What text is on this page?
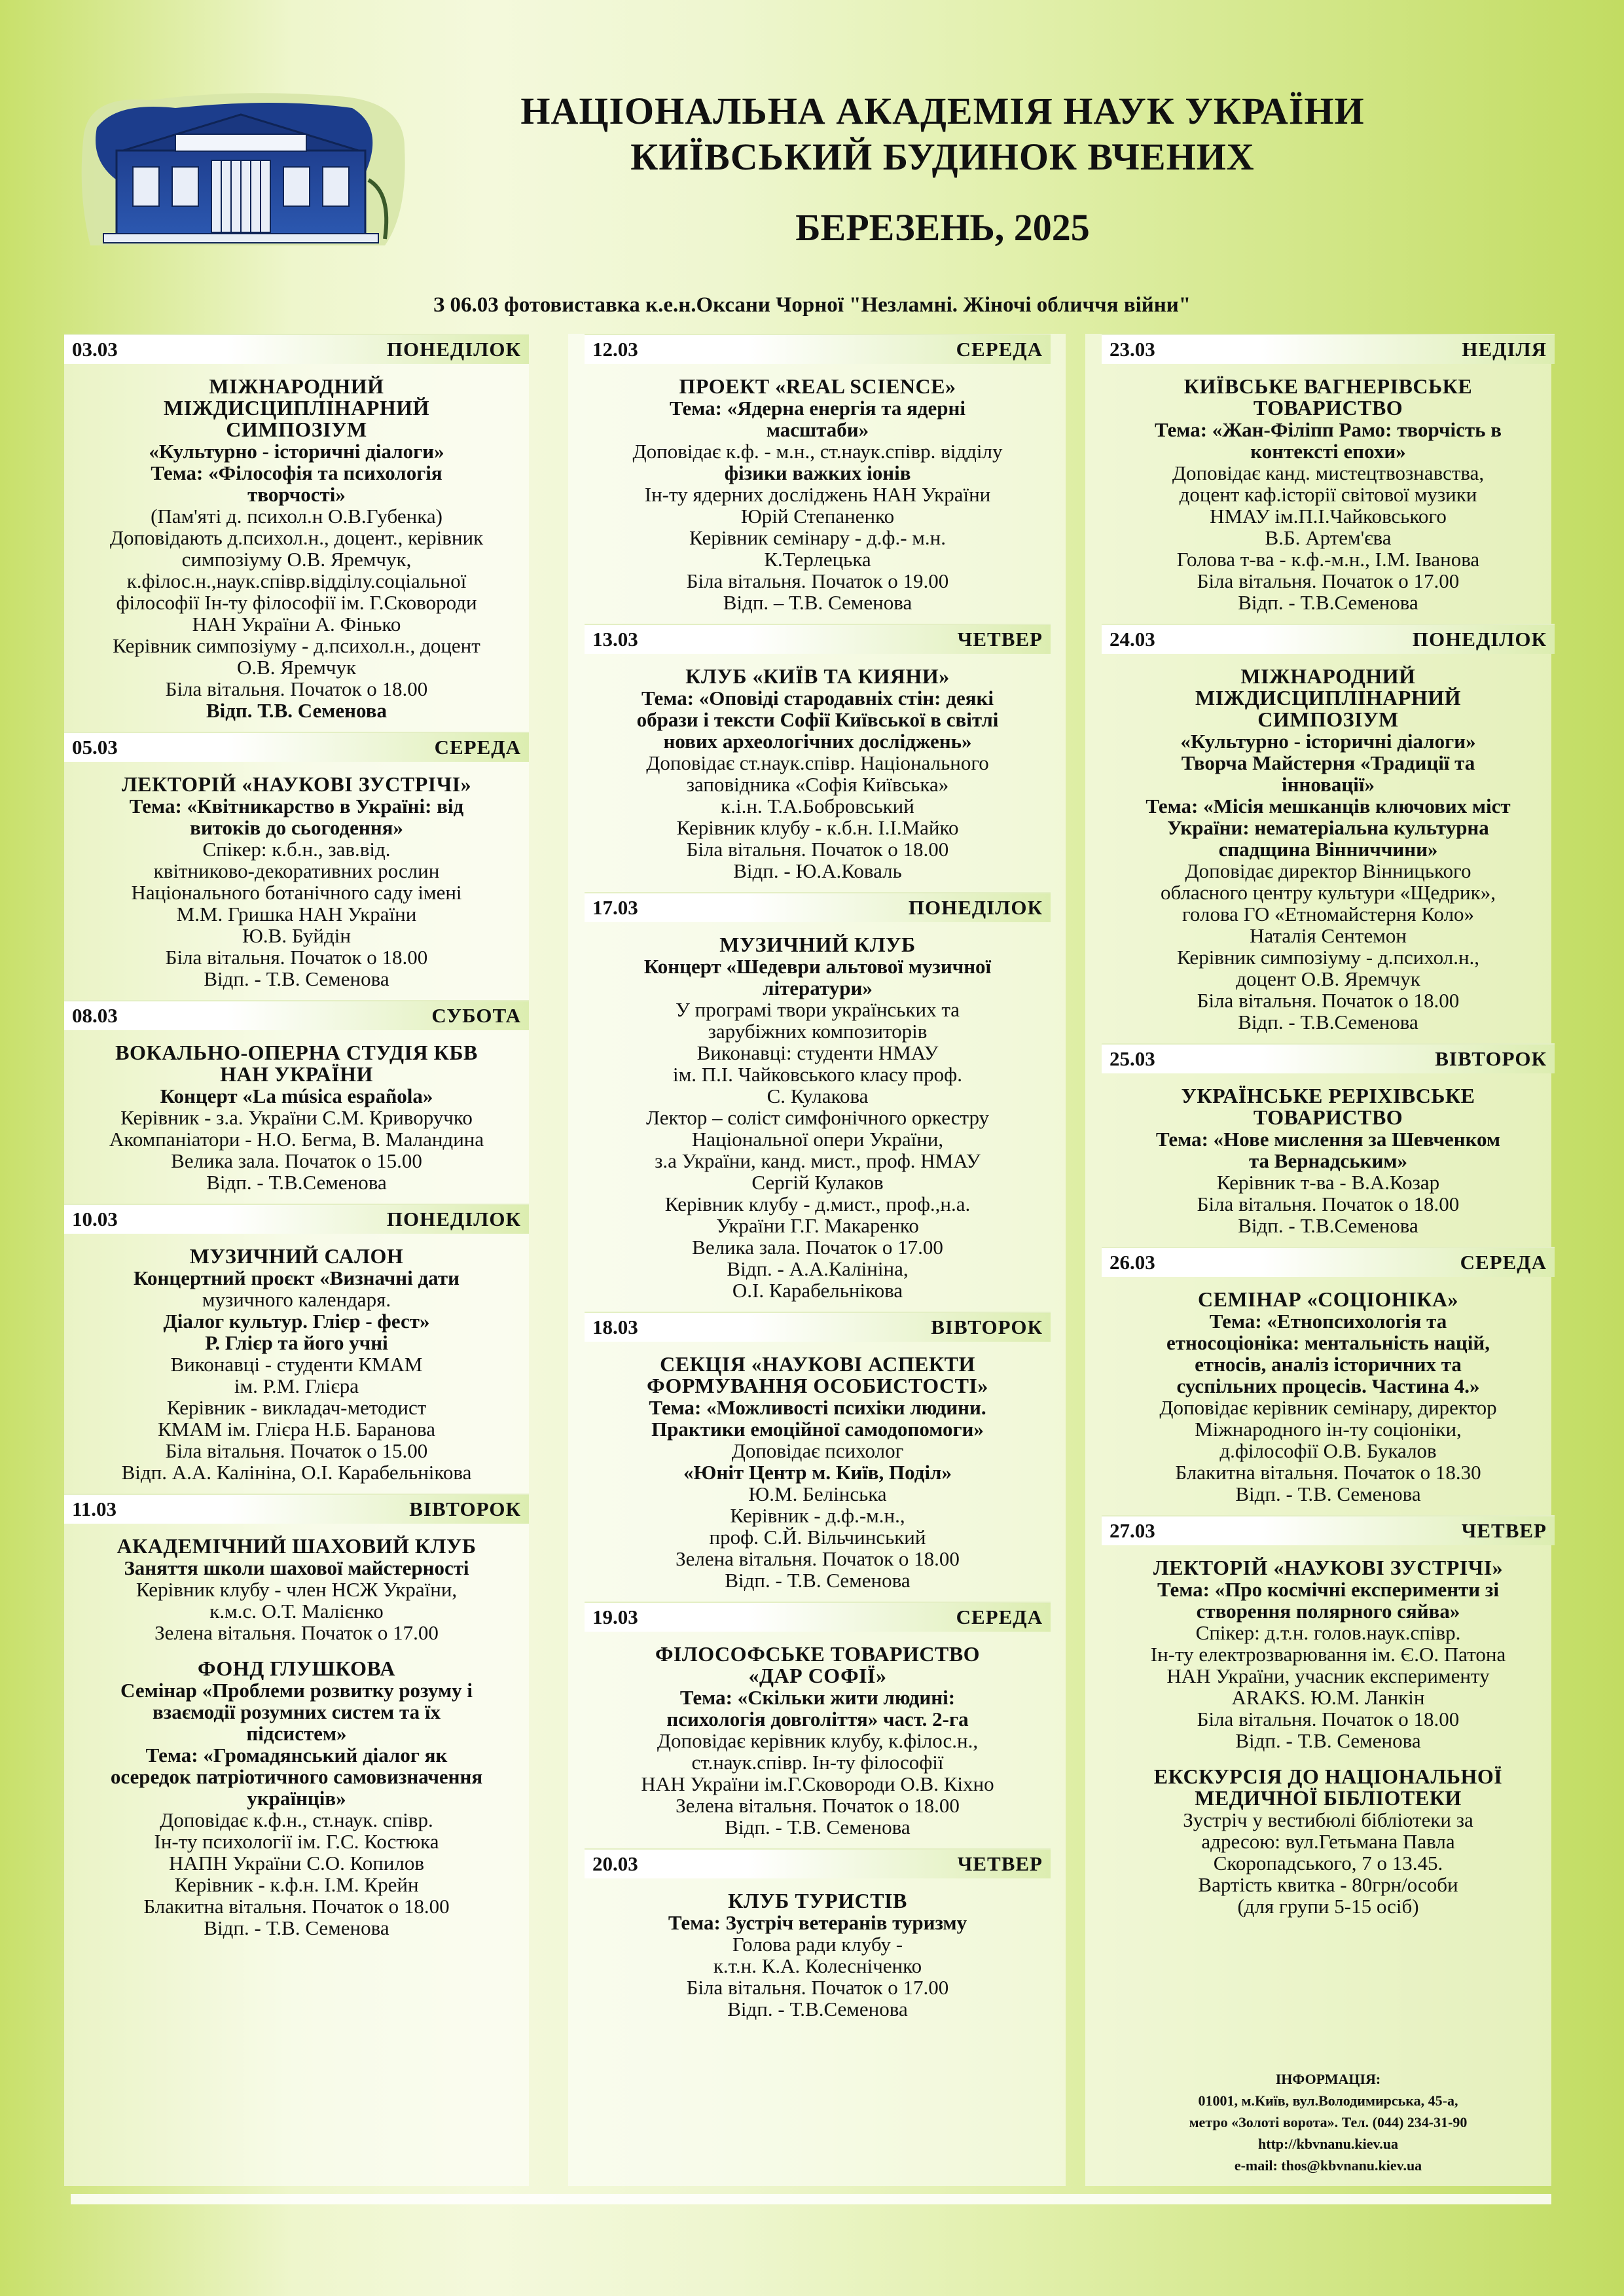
НАЦІОНАЛЬНА АКАДЕМІЯ НАУК УКРАЇНИ
КИЇВСЬКИЙ БУДИНОК ВЧЕНИХ
БЕРЕЗЕНЬ, 2025
З 06.03 фотовиставка к.е.н.Оксани Чорної "Незламні. Жіночі обличчя війни"
03.03	ПОНЕДІЛОК
МІЖНАРОДНИЙ
МІЖДИСЦИПЛІНАРНИЙ
СИМПОЗІУМ
«Культурно - історичні діалоги»
Тема: «Філософія та психологія
творчості»
(Пам'яті д. психол.н О.В.Губенка)
Доповідають д.психол.н., доцент., керівник
симпозіуму О.В. Яремчук,
к.філос.н.,наук.співр.відділу.соціальної
філософії Ін-ту філософії ім. Г.Сковороди
НАН України А. Фінько
Керівник симпозіуму - д.психол.н., доцент
О.В. Яремчук
Біла вітальня. Початок о 18.00
Відп. Т.В. Семенова
05.03	СЕРЕДА
ЛЕКТОРІЙ «НАУКОВІ ЗУСТРІЧІ»
Тема: «Квітникарство в Україні: від
витоків до сьогодення»
Спікер: к.б.н., зав.від.
квітниково-декоративних рослин
Національного ботанічного саду імені
М.М. Гришка НАН України
Ю.В. Буйдін
Біла вітальня. Початок о 18.00
Відп. - Т.В. Семенова
08.03	СУБОТА
ВОКАЛЬНО-ОПЕРНА СТУДІЯ КБВ
НАН УКРАЇНИ
Концерт «La música española»
Керівник - з.а. України С.М. Криворучко
Акомпаніатори - Н.О. Бегма, В. Маландина
Велика зала. Початок о 15.00
Відп. - Т.В.Семенова
10.03	ПОНЕДІЛОК
МУЗИЧНИЙ САЛОН
Концертний проєкт «Визначні дати
музичного календаря.
Діалог культур. Глієр - фест»
Р. Глієр та його учні
Виконавці - студенти КМАМ
ім. Р.М. Глієра
Керівник - викладач-методист
КМАМ ім. Глієра Н.Б. Баранова
Біла вітальня. Початок о 15.00
Відп. А.А. Калініна, О.І. Карабельнікова
11.03	ВІВТОРОК
АКАДЕМІЧНИЙ ШАХОВИЙ КЛУБ
Заняття школи шахової майстерності
Керівник клубу - член НСЖ України,
к.м.с. О.Т. Малієнко
Зелена вітальня. Початок о 17.00
ФОНД ГЛУШКОВА
Семінар «Проблеми розвитку розуму і
взаємодії розумних систем та їх
підсистем»
Тема: «Громадянський діалог як
осередок патріотичного самовизначення
українців»
Доповідає к.ф.н., ст.наук. співр.
Ін-ту психології ім. Г.С. Костюка
НАПН України С.О. Копилов
Керівник - к.ф.н. І.М. Крейн
Блакитна вітальня. Початок о 18.00
Відп. - Т.В. Семенова
12.03	СЕРЕДА
ПРОЕКТ «REAL SCIENCE»
Тема: «Ядерна енергія та ядерні
масштаби»
Доповідає к.ф. - м.н., ст.наук.співр. відділу
фізики важких іонів
Ін-ту ядерних досліджень НАН України
Юрій Степаненко
Керівник семінару - д.ф.- м.н.
К.Терлецька
Біла вітальня. Початок о 19.00
Відп. – Т.В. Семенова
13.03	ЧЕТВЕР
КЛУБ «КИЇВ ТА КИЯНИ»
Тема: «Оповіді стародавніх стін: деякі
образи і тексти Софії Київської в світлі
нових археологічних досліджень»
Доповідає ст.наук.співр. Національного
заповідника «Софія Київська»
к.і.н. Т.А.Бобровський
Керівник клубу - к.б.н. І.І.Майко
Біла вітальня. Початок о 18.00
Відп. - Ю.А.Коваль
17.03	ПОНЕДІЛОК
МУЗИЧНИЙ КЛУБ
Концерт «Шедеври альтової музичної
літератури»
У програмі твори українських та
зарубіжних композиторів
Виконавці: студенти НМАУ
ім. П.І. Чайковського класу проф.
С. Кулакова
Лектор – соліст симфонічного оркестру
Національної опери України,
з.а України, канд. мист., проф. НМАУ
Сергій Кулаков
Керівник клубу - д.мист., проф.,н.а.
України Г.Г. Макаренко
Велика зала. Початок о 17.00
Відп. - А.А.Калініна,
О.І. Карабельнікова
18.03	ВІВТОРОК
СЕКЦІЯ «НАУКОВІ АСПЕКТИ
ФОРМУВАННЯ ОСОБИСТОСТІ»
Тема: «Можливості психіки людини.
Практики емоційної самодопомоги»
Доповідає психолог
«Юніт Центр м. Київ, Поділ»
Ю.М. Белінська
Керівник - д.ф.-м.н.,
проф. С.Й. Вільчинський
Зелена вітальня. Початок о 18.00
Відп. - Т.В. Семенова
19.03	СЕРЕДА
ФІЛОСОФСЬКЕ ТОВАРИСТВО
«ДАР СОФІЇ»
Тема: «Скільки жити людині:
психологія довголіття» част. 2-га
Доповідає керівник клубу, к.філос.н.,
ст.наук.співр. Ін-ту філософії
НАН України ім.Г.Сковороди О.В. Кіхно
Зелена вітальня. Початок о 18.00
Відп. - Т.В. Семенова
20.03	ЧЕТВЕР
КЛУБ ТУРИСТІВ
Тема: Зустріч ветеранів туризму
Голова ради клубу -
к.т.н. К.А. Колесніченко
Біла вітальня. Початок о 17.00
Відп. - Т.В.Семенова
23.03	НЕДІЛЯ
КИЇВСЬКЕ ВАГНЕРІВСЬКЕ
ТОВАРИСТВО
Тема: «Жан-Філіпп Рамо: творчість в
контексті епохи»
Доповідає канд. мистецтвознавства,
доцент каф.історії світової музики
НМАУ ім.П.І.Чайковського
В.Б. Артем'єва
Голова т-ва - к.ф.-м.н., І.М. Іванова
Біла вітальня. Початок о 17.00
Відп. - Т.В.Семенова
24.03	ПОНЕДІЛОК
МІЖНАРОДНИЙ
МІЖДИСЦИПЛІНАРНИЙ
СИМПОЗІУМ
«Культурно - історичні діалоги»
Творча Майстерня «Традиції та
інновації»
Тема: «Місія мешканців ключових міст
України: нематеріальна культурна
спадщина Вінниччини»
Доповідає директор Вінницького
обласного центру культури «Щедрик»,
голова ГО «Етномайстерня Коло»
Наталія Сентемон
Керівник симпозіуму - д.психол.н.,
доцент О.В. Яремчук
Біла вітальня. Початок о 18.00
Відп. - Т.В.Семенова
25.03	ВІВТОРОК
УКРАЇНСЬКЕ РЕРІХІВСЬКЕ
ТОВАРИСТВО
Тема: «Нове мислення за Шевченком
та Вернадським»
Керівник т-ва - В.А.Козар
Біла вітальня. Початок о 18.00
Відп. - Т.В.Семенова
26.03	СЕРЕДА
СЕМІНАР «СОЦІОНІКА»
Тема: «Етнопсихологія та
етносоціоніка: ментальність націй,
етносів, аналіз історичних та
суспільних процесів. Частина 4.»
Доповідає керівник семінару, директор
Міжнародного ін-ту соціоніки,
д.філософії О.В. Букалов
Блакитна вітальня. Початок о 18.30
Відп. - Т.В. Семенова
27.03	ЧЕТВЕР
ЛЕКТОРІЙ «НАУКОВІ ЗУСТРІЧІ»
Тема: «Про космічні експерименти зі
створення полярного сяйва»
Спікер: д.т.н. голов.наук.співр.
Ін-ту електрозварювання ім. Є.О. Патона
НАН України, учасник експерименту
ARAKS. Ю.М. Ланкін
Біла вітальня. Початок о 18.00
Відп. - Т.В. Семенова
ЕКСКУРСІЯ ДО НАЦІОНАЛЬНОЇ
МЕДИЧНОЇ БІБЛІОТЕКИ
Зустріч у вестибюлі бібліотеки за
адресою: вул.Гетьмана Павла
Скоропадського, 7 о 13.45.
Вартість квитка - 80грн/особи
(для групи 5-15 осіб)
ІНФОРМАЦІЯ:
01001, м.Київ, вул.Володимирська, 45-а,
метро «Золоті ворота». Тел. (044) 234-31-90
http://kbvnanu.kiev.ua
e-mail: thos@kbvnanu.kiev.ua
